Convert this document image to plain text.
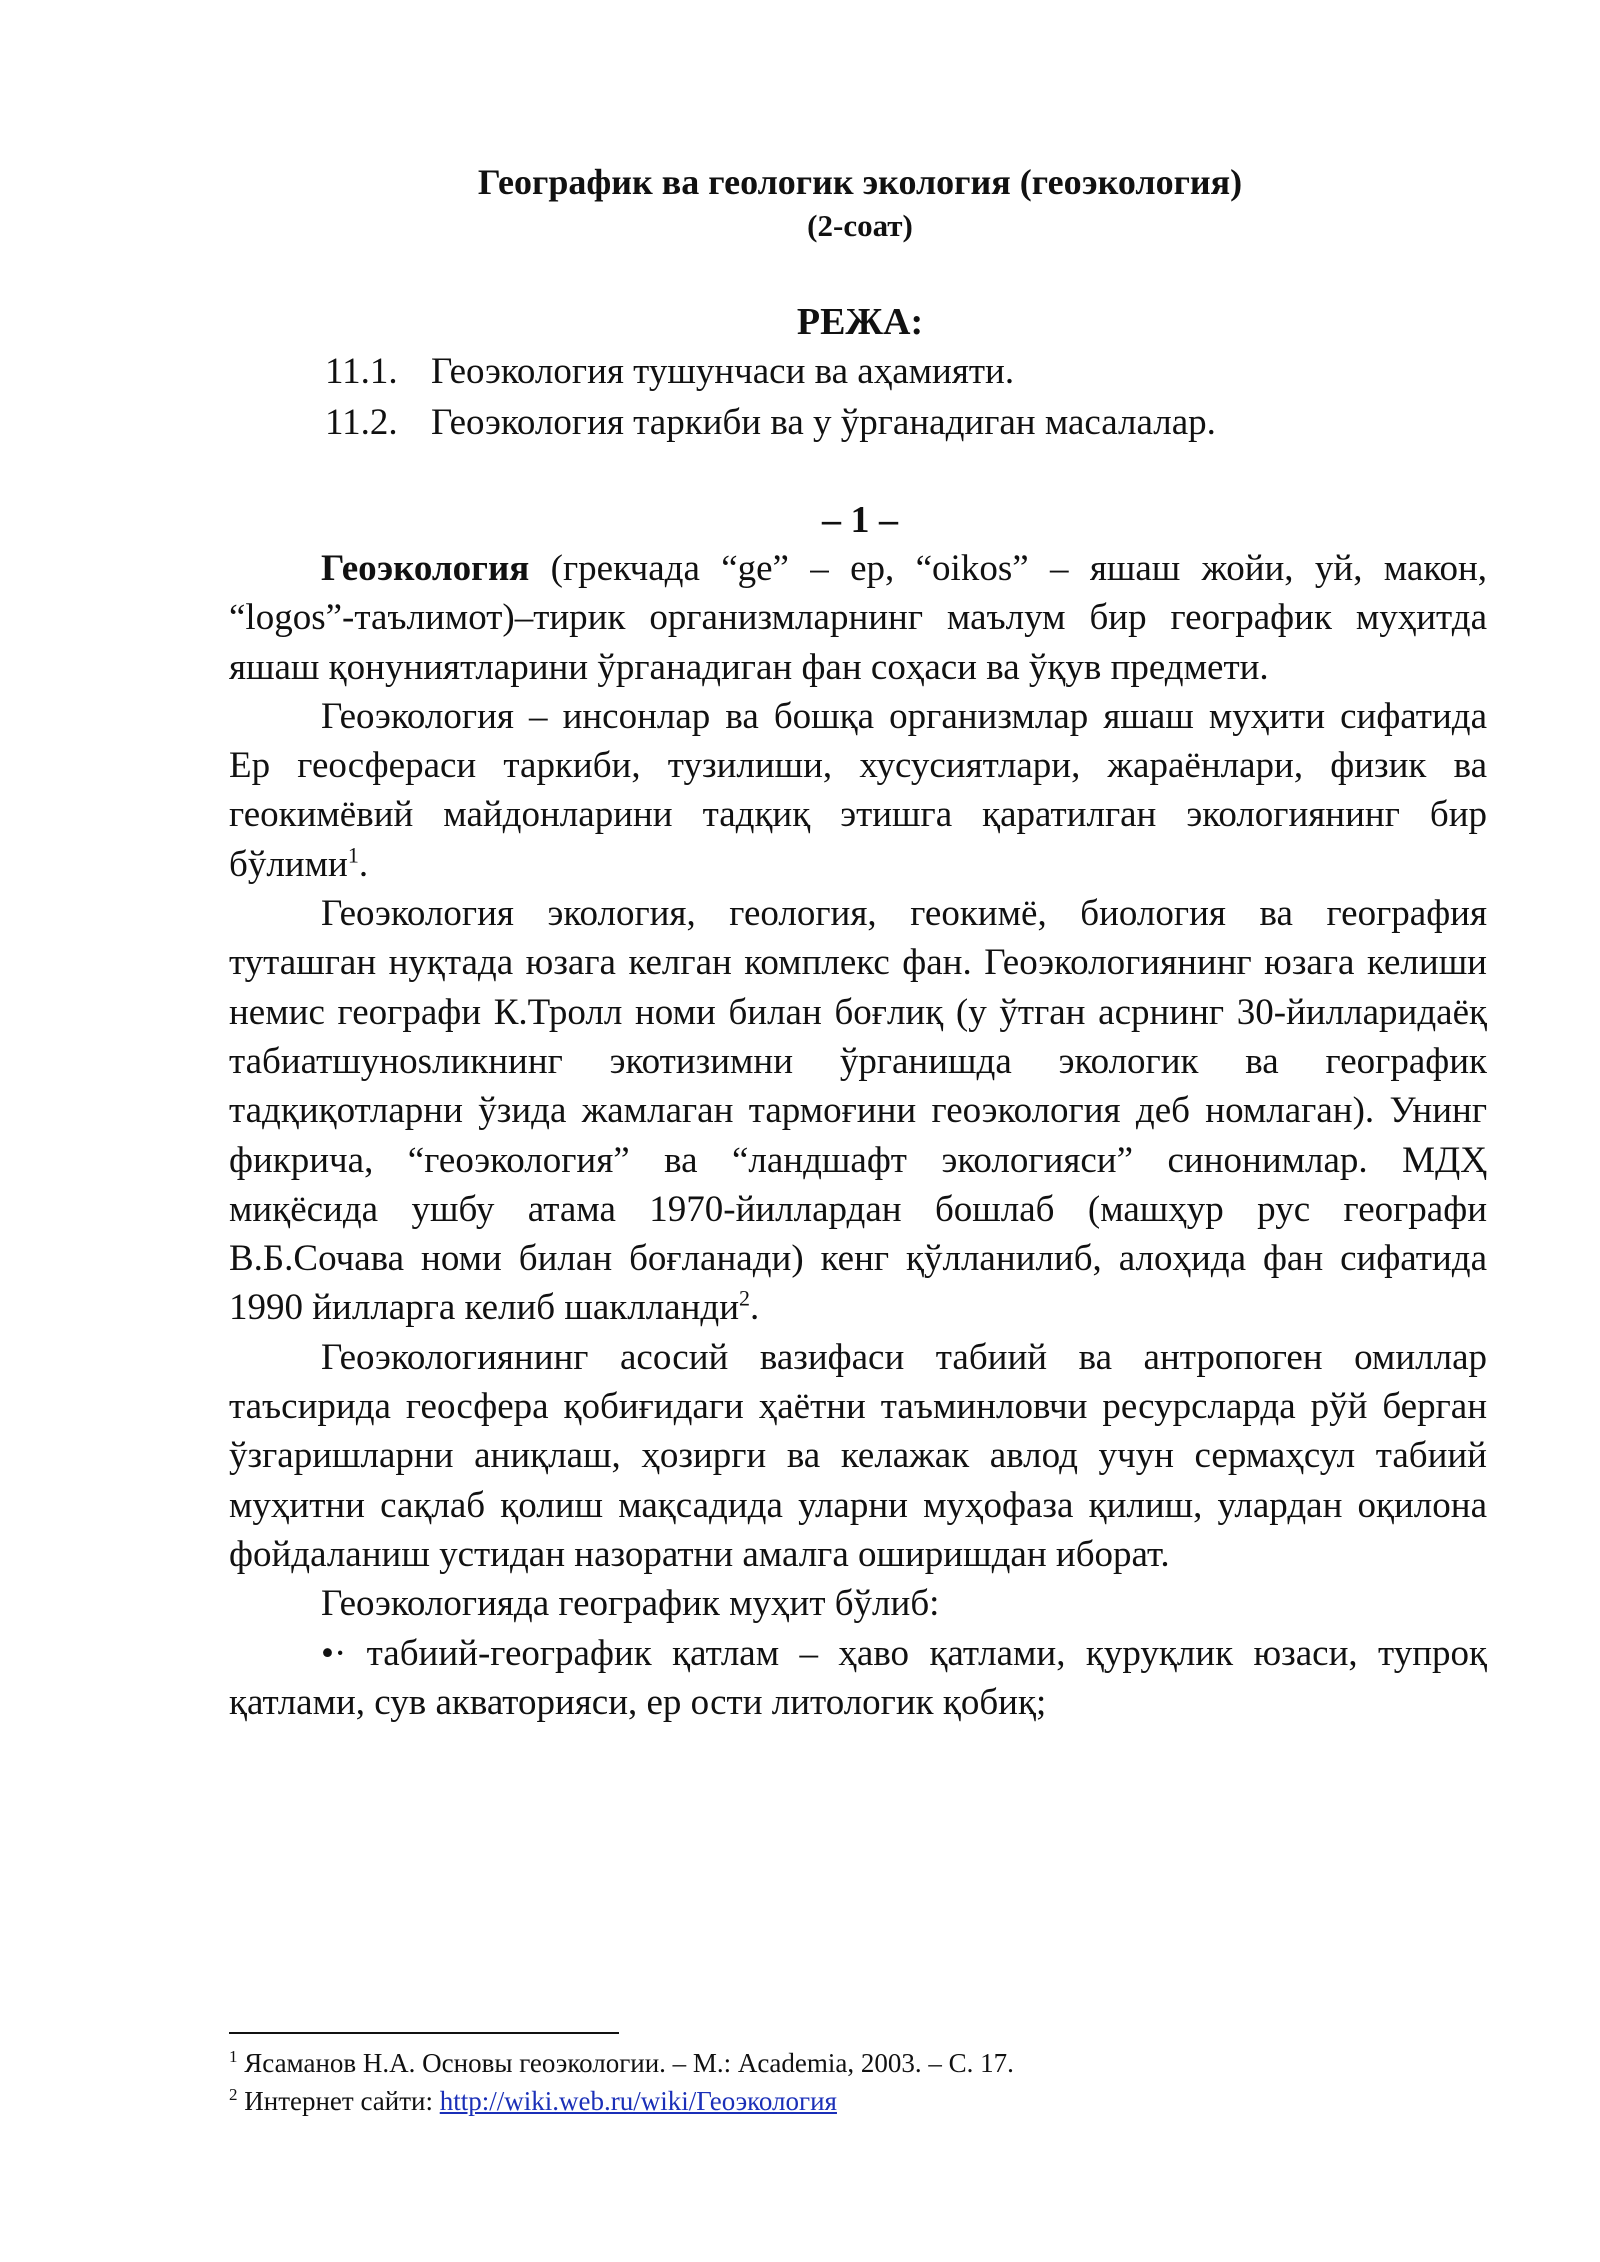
Географик ва геологик экология (геоэкология)
(2-соат)
РЕЖА:
11.1. Геоэкология тушунчаси ва аҳамияти.
11.2. Геоэкология таркиби ва у ўрганадиган масалалар.
– 1 –

Геоэкология (грекчада “ge” – ер, “oikos” – яшаш жойи, уй, макон, “logos”-таълимот)–тирик организмларнинг маълум бир географик муҳитда яшаш қонуниятларини ўрганадиган фан соҳаси ва ўқув предмети.

Геоэкология – инсонлар ва бошқа организмлар яшаш муҳити сифатида Ер геосфераси таркиби, тузилиши, хусусиятлари, жараёнлари, физик ва геокимёвий майдонларини тадқиқ этишга қаратилган экологиянинг бир бўлими$^1$.

Геоэкология экология, геология, геокимё, биология ва география туташган нуқтада юзага келган комплекс фан. Геоэкологиянинг юзага келиши немис географи К.Тролл номи билан боғлиқ (у ўтган асрнинг 30-йилларидаёқ табиатшунosликнинг экотизимни ўрганишда экологик ва географик тадқиқотларни ўзида жамлаган тармоғини геоэкология деб номлаган). Унинг фикрича, “геоэкология” ва “ландшафт экологияси” синонимлар. МДҲ миқёсида ушбу атама 1970-йиллардан бошлаб (машҳур рус географи В.Б.Сочава номи билан боғланади) кенг қўлланилиб, алоҳида фан сифатида 1990 йилларга келиб шаклланди$^2$.

Геоэкологиянинг асосий вазифаси табиий ва антропоген омиллар таъсирида геосфера қобиғидаги ҳаётни таъминловчи ресурсларда рўй берган ўзгаришларни аниқлаш, ҳозирги ва келажак авлод учун сермаҳсул табиий муҳитни сақлаб қолиш мақсадида уларни муҳофаза қилиш, улардан оқилона фойдаланиш устидан назоратни амалга оширишдан иборат.

Геоэкологияда географик муҳит бўлиб:

•· табиий-географик қатлам – ҳаво қатлами, қуруқлик юзаси, тупроқ қатлами, сув акваторияси, ер ости литологик қобиқ;

$^1$ Ясаманов Н.А. Основы геоэкологии. – М.: Academia, 2003. – С. 17.
$^2$ Интернет сайти: http://wiki.web.ru/wiki/Геоэкология
